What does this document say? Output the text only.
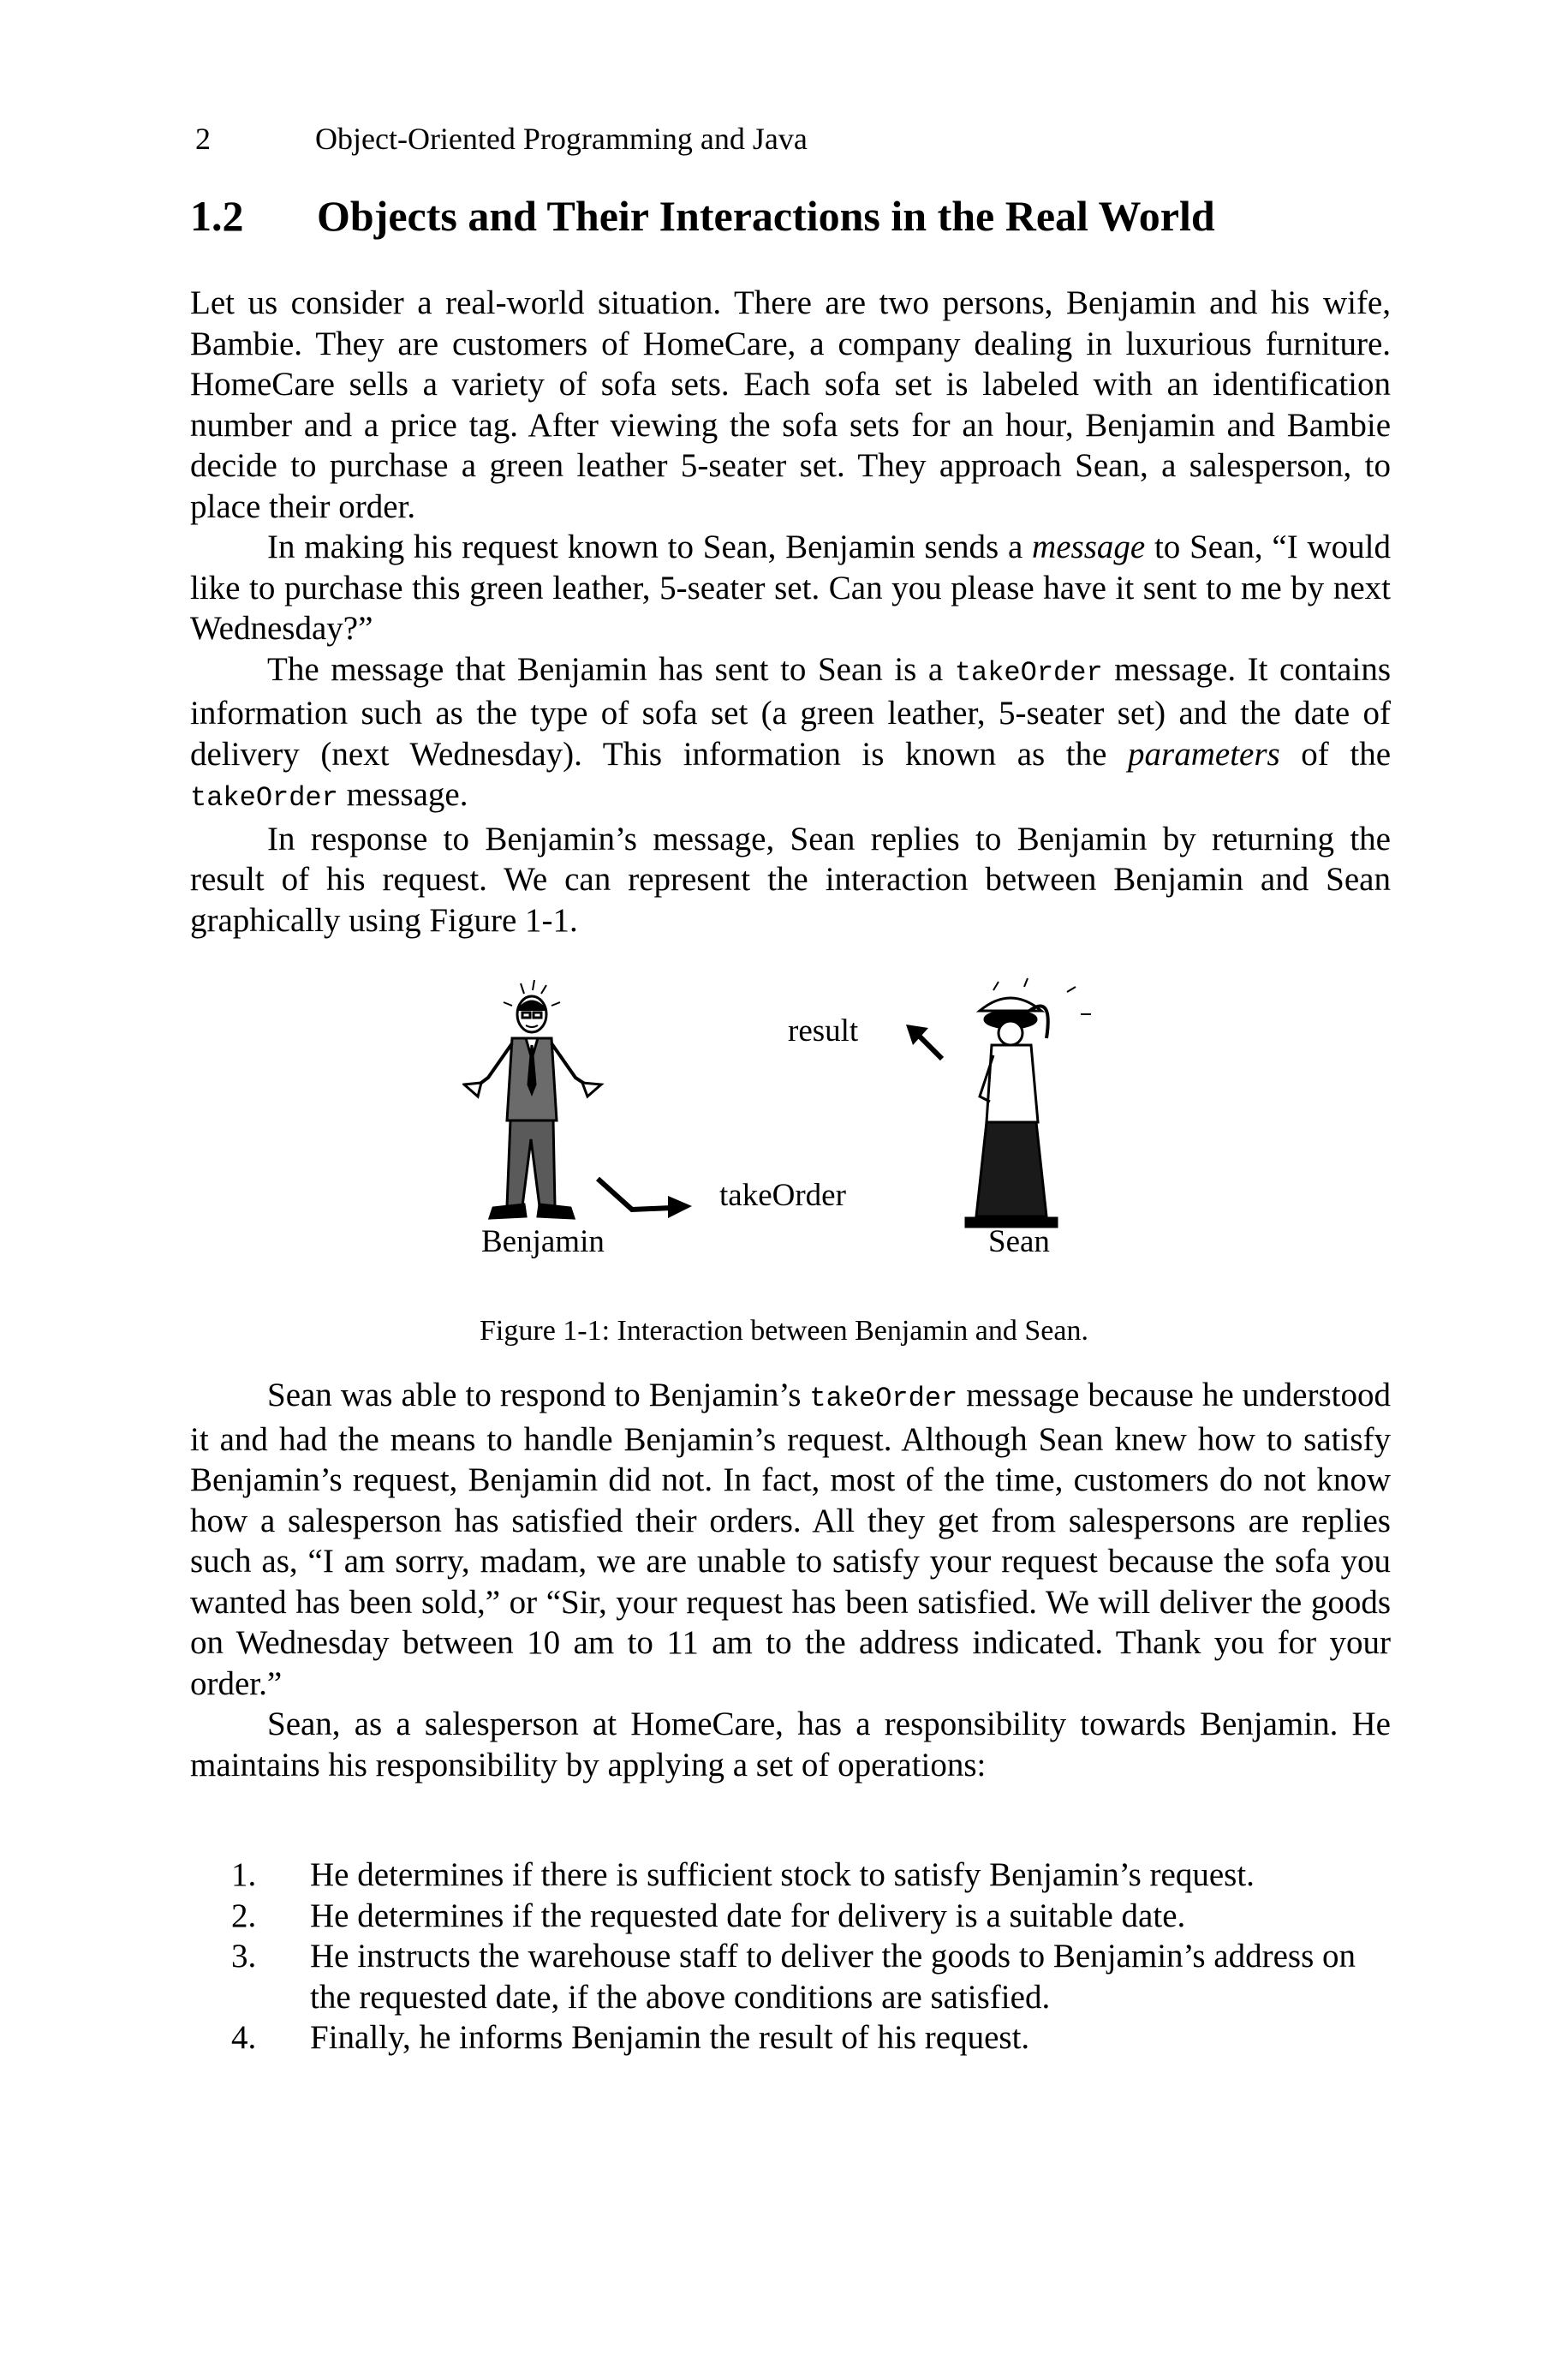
2	Object-Oriented Programming and Java
1.2 Objects and Their Interactions in the Real World

Let us consider a real-world situation. There are two persons, Benjamin and his wife, Bambie. They are customers of HomeCare, a company dealing in luxurious furniture. HomeCare sells a variety of sofa sets. Each sofa set is labeled with an identification number and a price tag. After viewing the sofa sets for an hour, Benjamin and Bambie decide to purchase a green leather 5-seater set. They approach Sean, a salesperson, to place their order.

In making his request known to Sean, Benjamin sends a message to Sean, “I would like to purchase this green leather, 5-seater set. Can you please have it sent to me by next Wednesday?”

The message that Benjamin has sent to Sean is a takeOrder message. It contains information such as the type of sofa set (a green leather, 5-seater set) and the date of delivery (next Wednesday). This information is known as the parameters of the takeOrder message.

In response to Benjamin’s message, Sean replies to Benjamin by returning the result of his request. We can represent the interaction between Benjamin and Sean graphically using Figure 1-1.

result
takeOrder
Benjamin	Sean
Figure 1-1: Interaction between Benjamin and Sean.

Sean was able to respond to Benjamin’s takeOrder message because he understood it and had the means to handle Benjamin’s request. Although Sean knew how to satisfy Benjamin’s request, Benjamin did not. In fact, most of the time, customers do not know how a salesperson has satisfied their orders. All they get from salespersons are replies such as, “I am sorry, madam, we are unable to satisfy your request because the sofa you wanted has been sold,” or “Sir, your request has been satisfied. We will deliver the goods on Wednesday between 10 am to 11 am to the address indicated. Thank you for your order.”

Sean, as a salesperson at HomeCare, has a responsibility towards Benjamin. He maintains his responsibility by applying a set of operations:

1. He determines if there is sufficient stock to satisfy Benjamin’s request.
2. He determines if the requested date for delivery is a suitable date.
3. He instructs the warehouse staff to deliver the goods to Benjamin’s address on the requested date, if the above conditions are satisfied.
4. Finally, he informs Benjamin the result of his request.
